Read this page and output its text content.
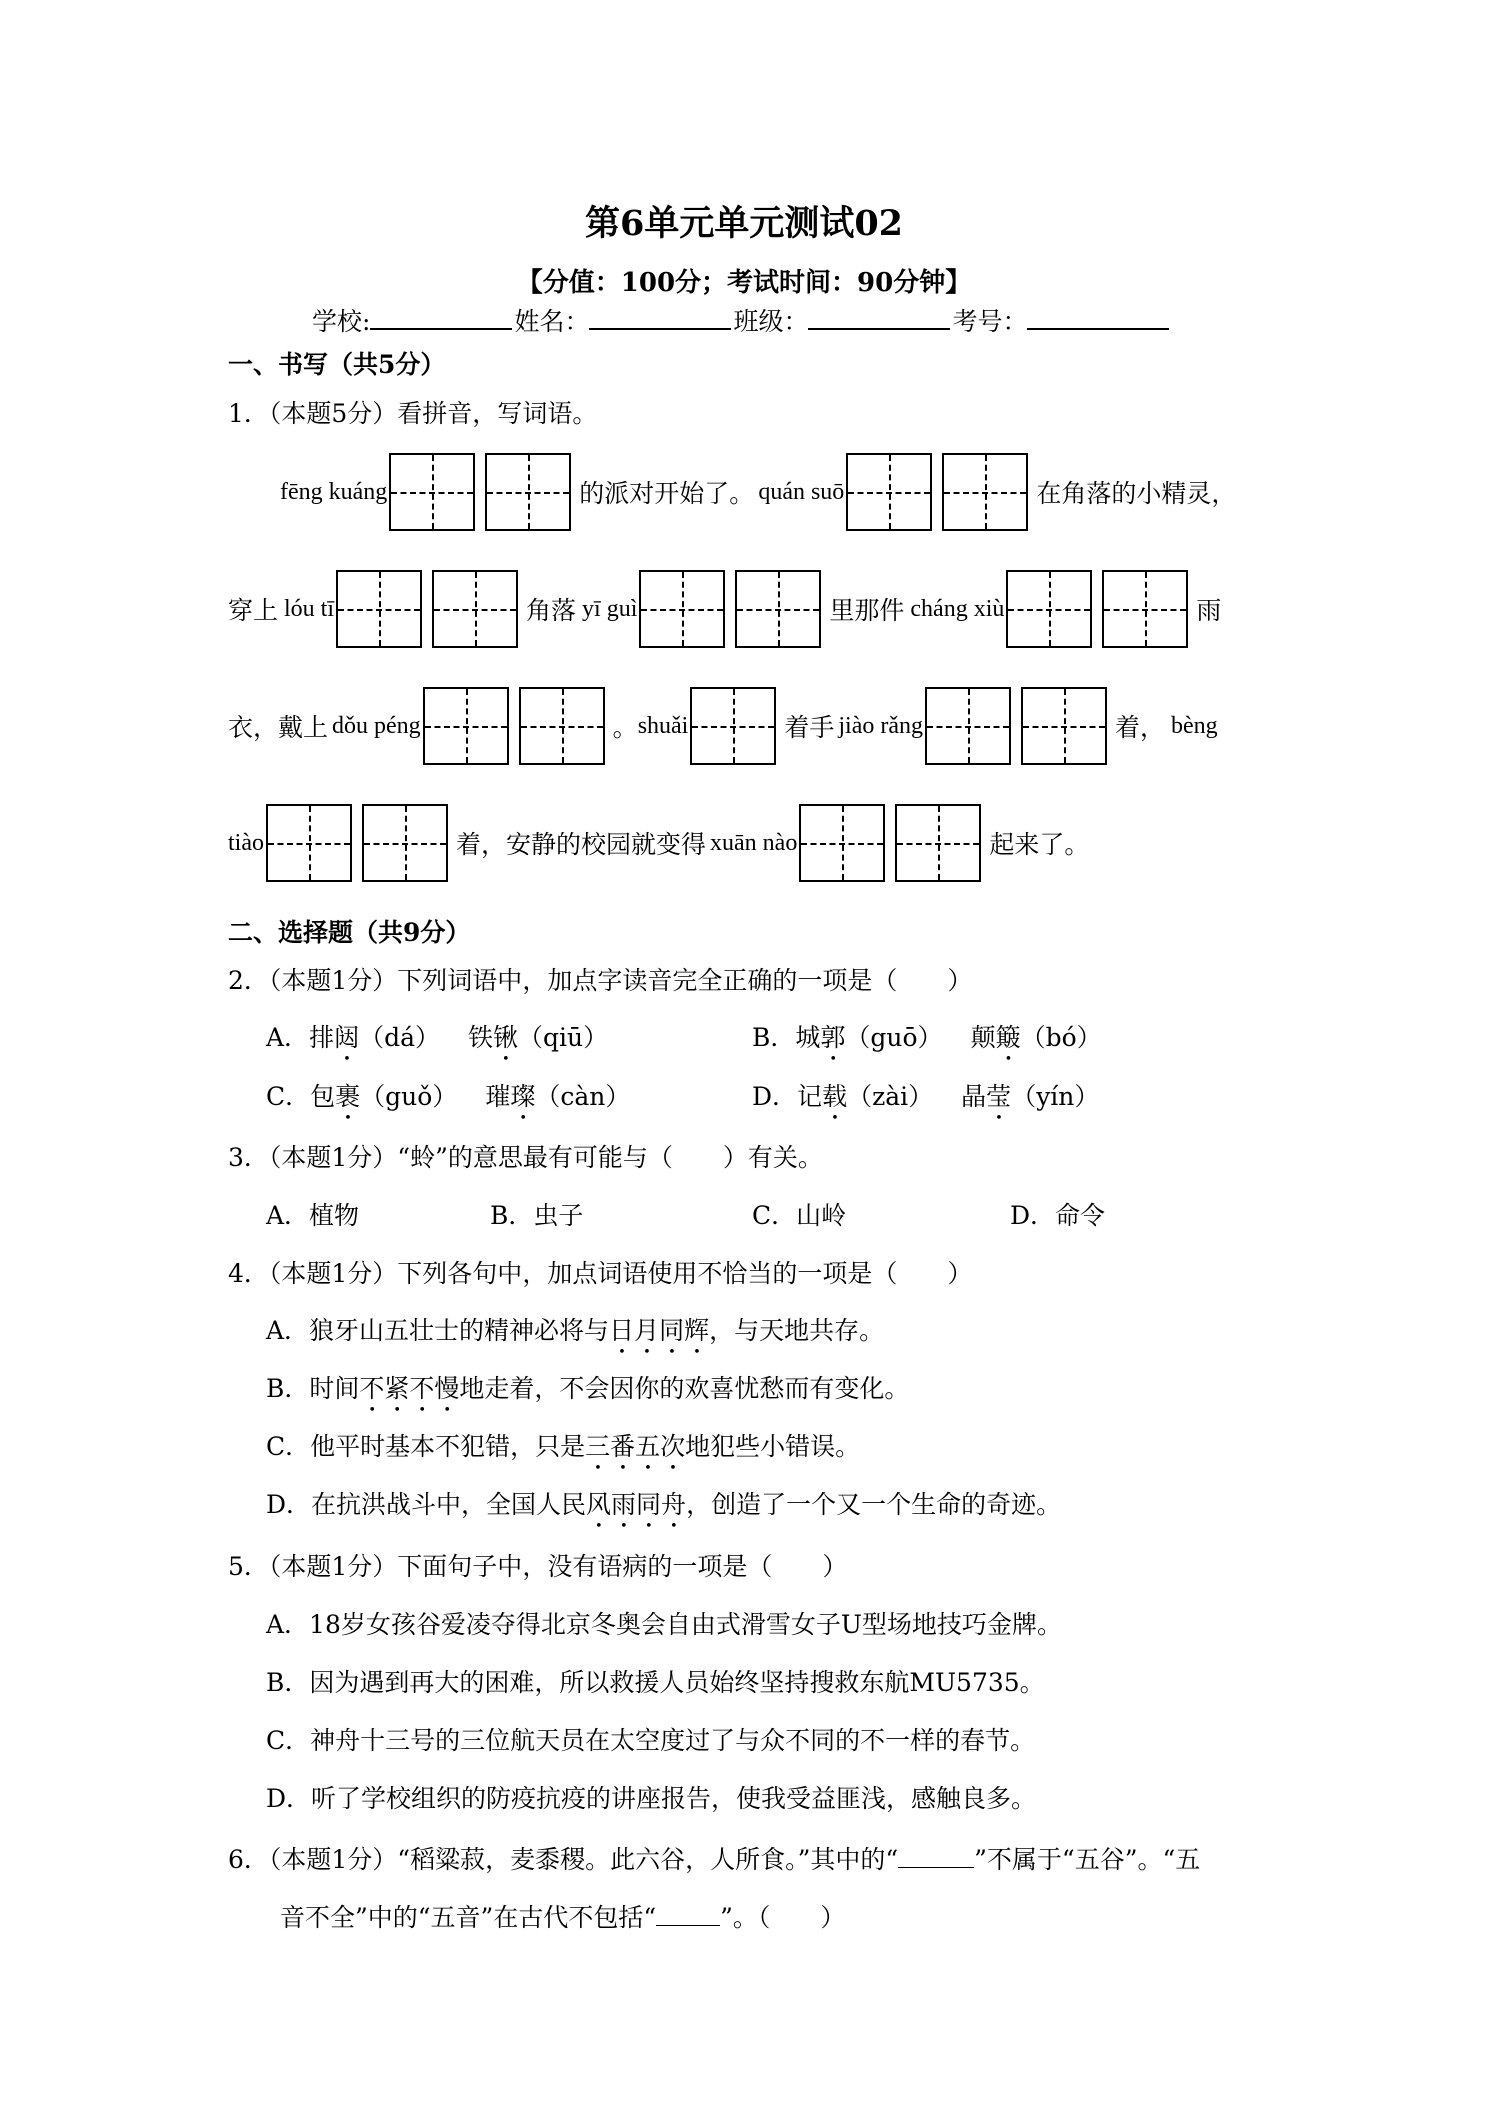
第6单元单元测试02
【分值：100分；考试时间：90分钟】
学校:	姓名：	班级：	考号：
一、书写（共5分）
1．（本题5分）看拼音，写词语。
fēng kuáng	的派对开始了。 quán suō	在角落的小精灵，
穿上 lóu tī	角落 yī guì	里那件 cháng xiù	雨
衣，戴上 dǒu péng	。 shuǎi	着手 jiào rǎng	着， bèng
tiào	着，安静的校园就变得 xuān nào	起来了。
二、选择题（共9分）
2．（本题1分）下列词语中，加点字读音完全正确的一项是（　　）
A．排闼（dá） 铁锹（qiū）	B．城郭（guō） 颠簸（bó）
C．包裹（guǒ） 璀璨（càn）	D．记载（zài） 晶莹（yín）
3．（本题1分）“蛉”的意思最有可能与（　　）有关。
A．植物	B．虫子	C．山岭	D．命令
4．（本题1分）下列各句中，加点词语使用不恰当的一项是（　　）
A．狼牙山五壮士的精神必将与日月同辉，与天地共存。
B．时间不紧不慢地走着，不会因你的欢喜忧愁而有变化。
C．他平时基本不犯错，只是三番五次地犯些小错误。
D．在抗洪战斗中，全国人民风雨同舟，创造了一个又一个生命的奇迹。
5．（本题1分）下面句子中，没有语病的一项是（　　）
A．18岁女孩谷爱凌夺得北京冬奥会自由式滑雪女子U型场地技巧金牌。
B．因为遇到再大的困难，所以救援人员始终坚持搜救东航MU5735。
C．神舟十三号的三位航天员在太空度过了与众不同的不一样的春节。
D．听了学校组织的防疫抗疫的讲座报告，使我受益匪浅，感触良多。
6．（本题1分）“稻粱菽，麦黍稷。此六谷，人所食。”其中的“	”不属于“五谷”。“五
音不全”中的“五音”在古代不包括“	”。（　　）
